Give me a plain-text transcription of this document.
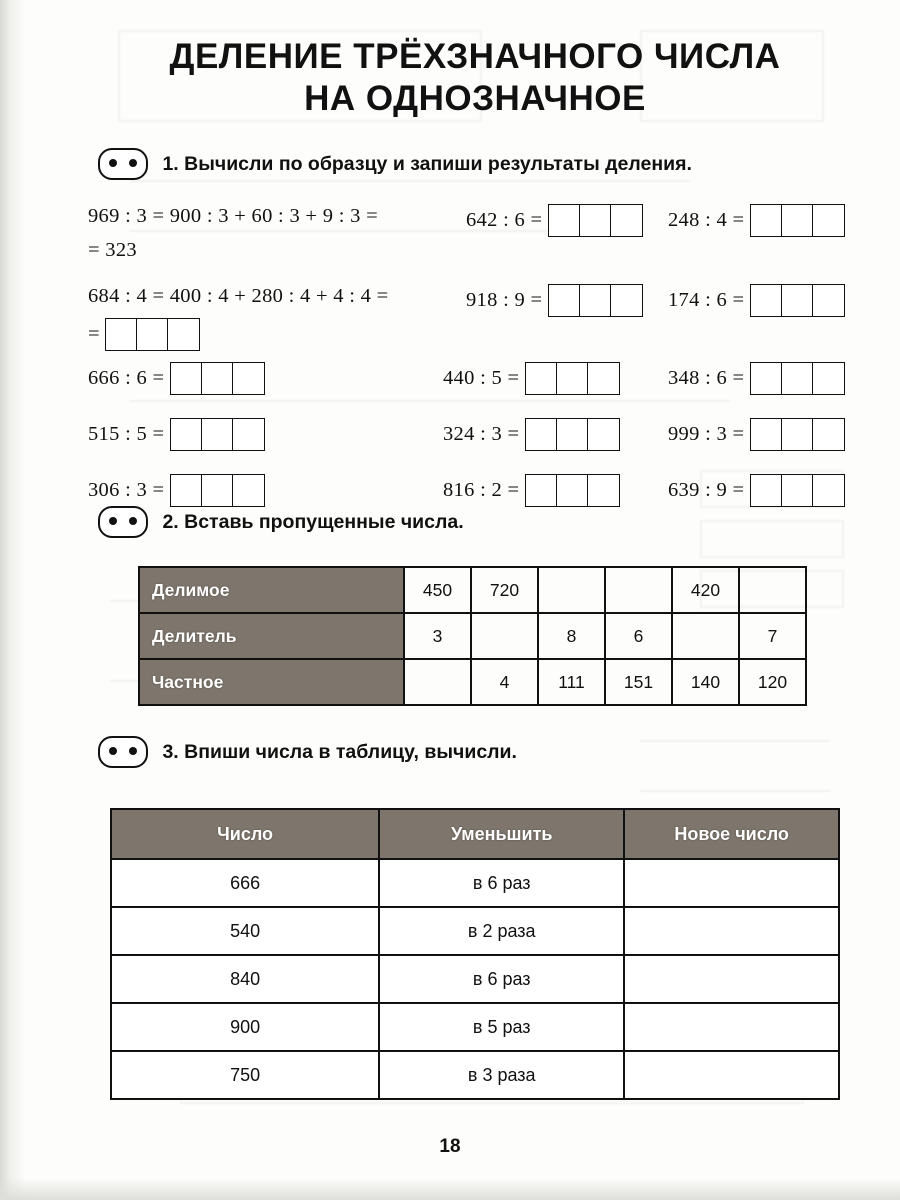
ДЕЛЕНИЕ ТРЁХЗНАЧНОГО ЧИСЛА
НА ОДНОЗНАЧНОЕ
1. Вычисли по образцу и запиши результаты деления.
969 : 3 = 900 : 3 + 60 : 3 + 9 : 3 =	642 : 6 =	248 : 4 =
= 323
684 : 4 = 400 : 4 + 280 : 4 + 4 : 4 =	918 : 9 =	174 : 6 =
=
666 : 6 =	440 : 5 =	348 : 6 =
515 : 5 =	324 : 3 =	999 : 3 =
306 : 3 =	816 : 2 =	639 : 9 =
2. Вставь пропущенные числа.
Делимое	450	720			420	
Делитель	3		8	6		7
Частное		4	111	151	140	120
3. Впиши числа в таблицу, вычисли.
Число	Уменьшить	Новое число
666	в 6 раз	
540	в 2 раза	
840	в 6 раз	
900	в 5 раз	
750	в 3 раза	
18
